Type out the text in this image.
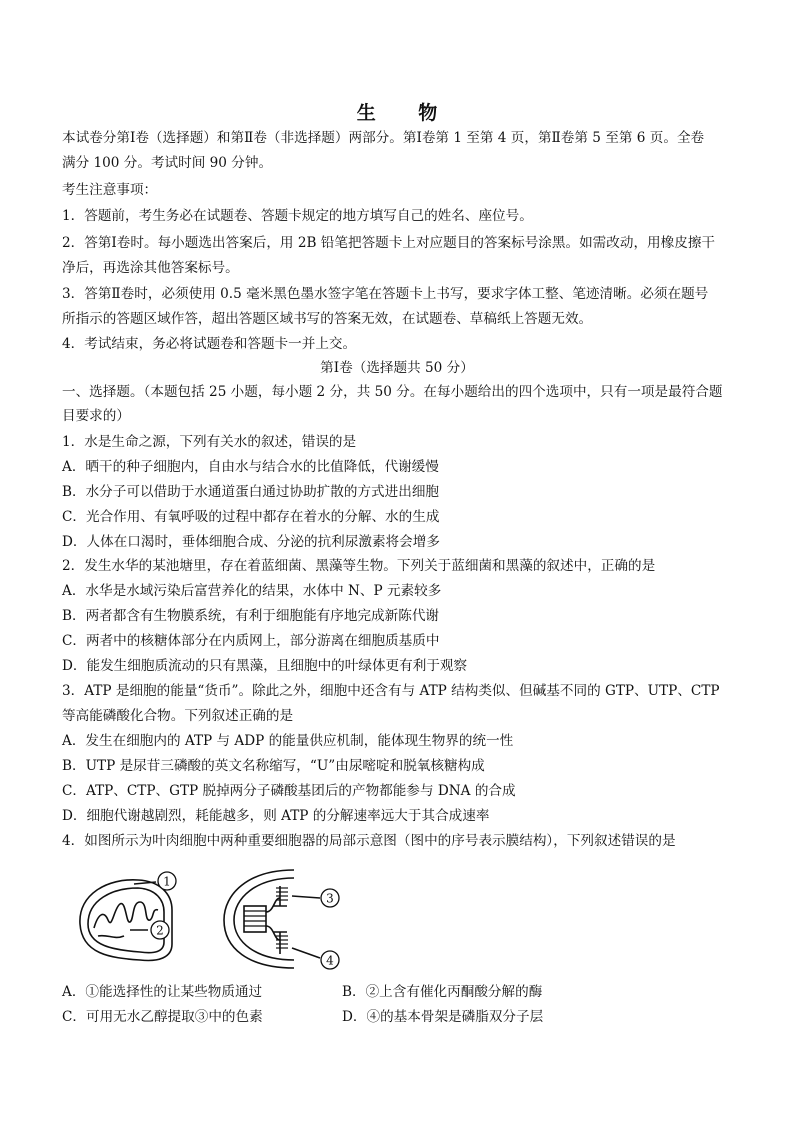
生 物
本试卷分第Ⅰ卷（选择题）和第Ⅱ卷（非选择题）两部分。第Ⅰ卷第 1 至第 4 页，第Ⅱ卷第 5 至第 6 页。全卷
满分 100 分。考试时间 90 分钟。
考生注意事项：
1．答题前，考生务必在试题卷、答题卡规定的地方填写自己的姓名、座位号。
2．答第Ⅰ卷时。每小题选出答案后，用 2B 铅笔把答题卡上对应题目的答案标号涂黑。如需改动，用橡皮擦干
净后，再选涂其他答案标号。
3．答第Ⅱ卷时，必须使用 0.5 毫米黑色墨水签字笔在答题卡上书写，要求字体工整、笔迹清晰。必须在题号
所指示的答题区域作答，超出答题区域书写的答案无效，在试题卷、草稿纸上答题无效。
4．考试结束，务必将试题卷和答题卡一并上交。
第Ⅰ卷（选择题共 50 分）
一、选择题。（本题包括 25 小题，每小题 2 分，共 50 分。在每小题给出的四个选项中，只有一项是最符合题
目要求的）
1．水是生命之源，下列有关水的叙述，错误的是
A．晒干的种子细胞内，自由水与结合水的比值降低，代谢缓慢
B．水分子可以借助于水通道蛋白通过协助扩散的方式进出细胞
C．光合作用、有氧呼吸的过程中都存在着水的分解、水的生成
D．人体在口渴时，垂体细胞合成、分泌的抗利尿激素将会增多
2．发生水华的某池塘里，存在着蓝细菌、黑藻等生物。下列关于蓝细菌和黑藻的叙述中，正确的是
A．水华是水域污染后富营养化的结果，水体中 N、P 元素较多
B．两者都含有生物膜系统，有利于细胞能有序地完成新陈代谢
C．两者中的核糖体部分在内质网上，部分游离在细胞质基质中
D．能发生细胞质流动的只有黑藻，且细胞中的叶绿体更有利于观察
3．ATP 是细胞的能量“货币”。除此之外，细胞中还含有与 ATP 结构类似、但碱基不同的 GTP、UTP、CTP
等高能磷酸化合物。下列叙述正确的是
A．发生在细胞内的 ATP 与 ADP 的能量供应机制，能体现生物界的统一性
B．UTP 是尿苷三磷酸的英文名称缩写，“U”由尿嘧啶和脱氧核糖构成
C．ATP、CTP、GTP 脱掉两分子磷酸基团后的产物都能参与 DNA 的合成
D．细胞代谢越剧烈，耗能越多，则 ATP 的分解速率远大于其合成速率
4．如图所示为叶肉细胞中两种重要细胞器的局部示意图（图中的序号表示膜结构），下列叙述错误的是
1
2
3
4
A．①能选择性的让某些物质通过	B．②上含有催化丙酮酸分解的酶
C．可用无水乙醇提取③中的色素	D．④的基本骨架是磷脂双分子层
